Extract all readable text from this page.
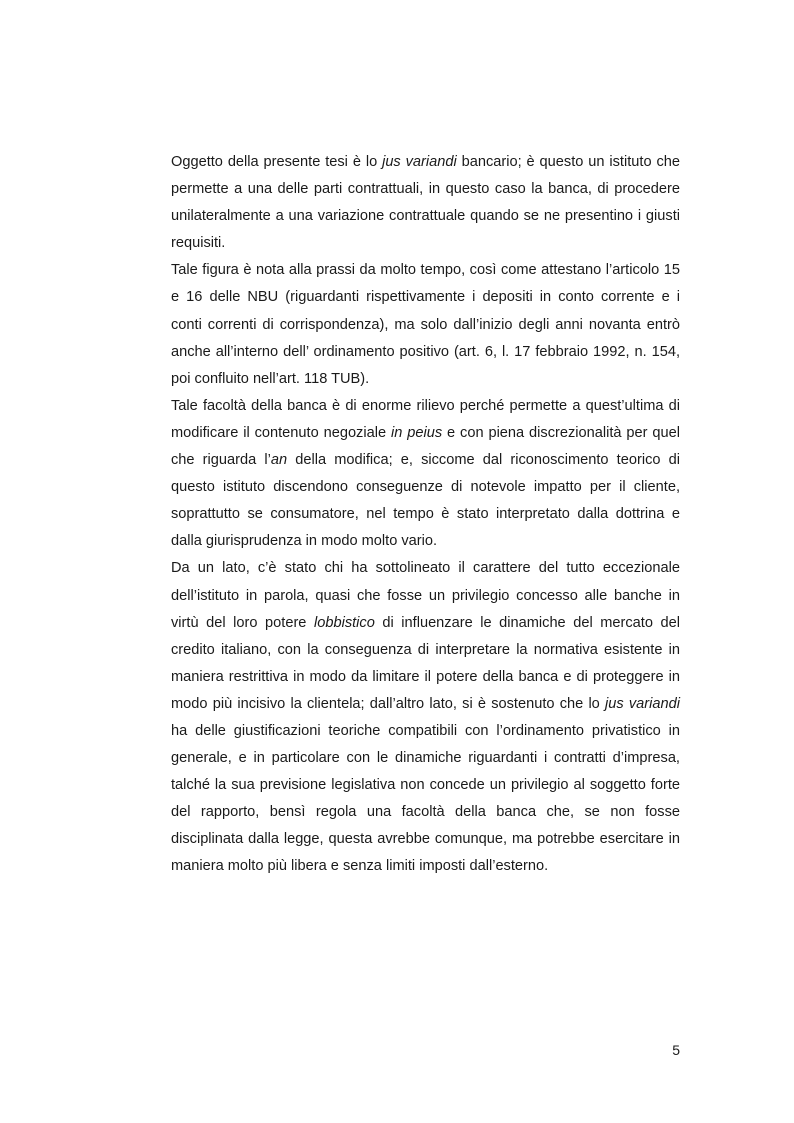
Oggetto della presente tesi è lo jus variandi bancario; è questo un istituto che
permette a una delle parti contrattuali, in questo caso la banca, di procedere
unilateralmente a una variazione contrattuale quando se ne presentino i giusti
requisiti.
Tale figura è nota alla prassi da molto tempo, così come attestano l’articolo 15
e 16 delle NBU (riguardanti rispettivamente i depositi in conto corrente e i
conti correnti di corrispondenza), ma solo dall’inizio degli anni novanta entrò
anche all’interno dell’ ordinamento positivo (art. 6, l. 17 febbraio 1992, n. 154,
poi confluito nell’art. 118 TUB).
Tale facoltà della banca è di enorme rilievo perché permette a quest’ultima di
modificare il contenuto negoziale in peius e con piena discrezionalità per quel
che riguarda l’an della modifica; e, siccome dal riconoscimento teorico di
questo istituto discendono conseguenze di notevole impatto per il cliente,
soprattutto se consumatore, nel tempo è stato interpretato dalla dottrina e
dalla giurisprudenza in modo molto vario.
Da un lato, c’è stato chi ha sottolineato il carattere del tutto eccezionale
dell’istituto in parola, quasi che fosse un privilegio concesso alle banche in
virtù del loro potere lobbistico di influenzare le dinamiche del mercato del
credito italiano, con la conseguenza di interpretare la normativa esistente in
maniera restrittiva in modo da limitare il potere della banca e di proteggere in
modo più incisivo la clientela; dall’altro lato, si è sostenuto che lo jus variandi
ha delle giustificazioni teoriche compatibili con l’ordinamento privatistico in
generale, e in particolare con le dinamiche riguardanti i contratti d’impresa,
talché la sua previsione legislativa non concede un privilegio al soggetto forte
del rapporto, bensì regola una facoltà della banca che, se non fosse
disciplinata dalla legge, questa avrebbe comunque, ma potrebbe esercitare in
maniera molto più libera e senza limiti imposti dall’esterno.
5
